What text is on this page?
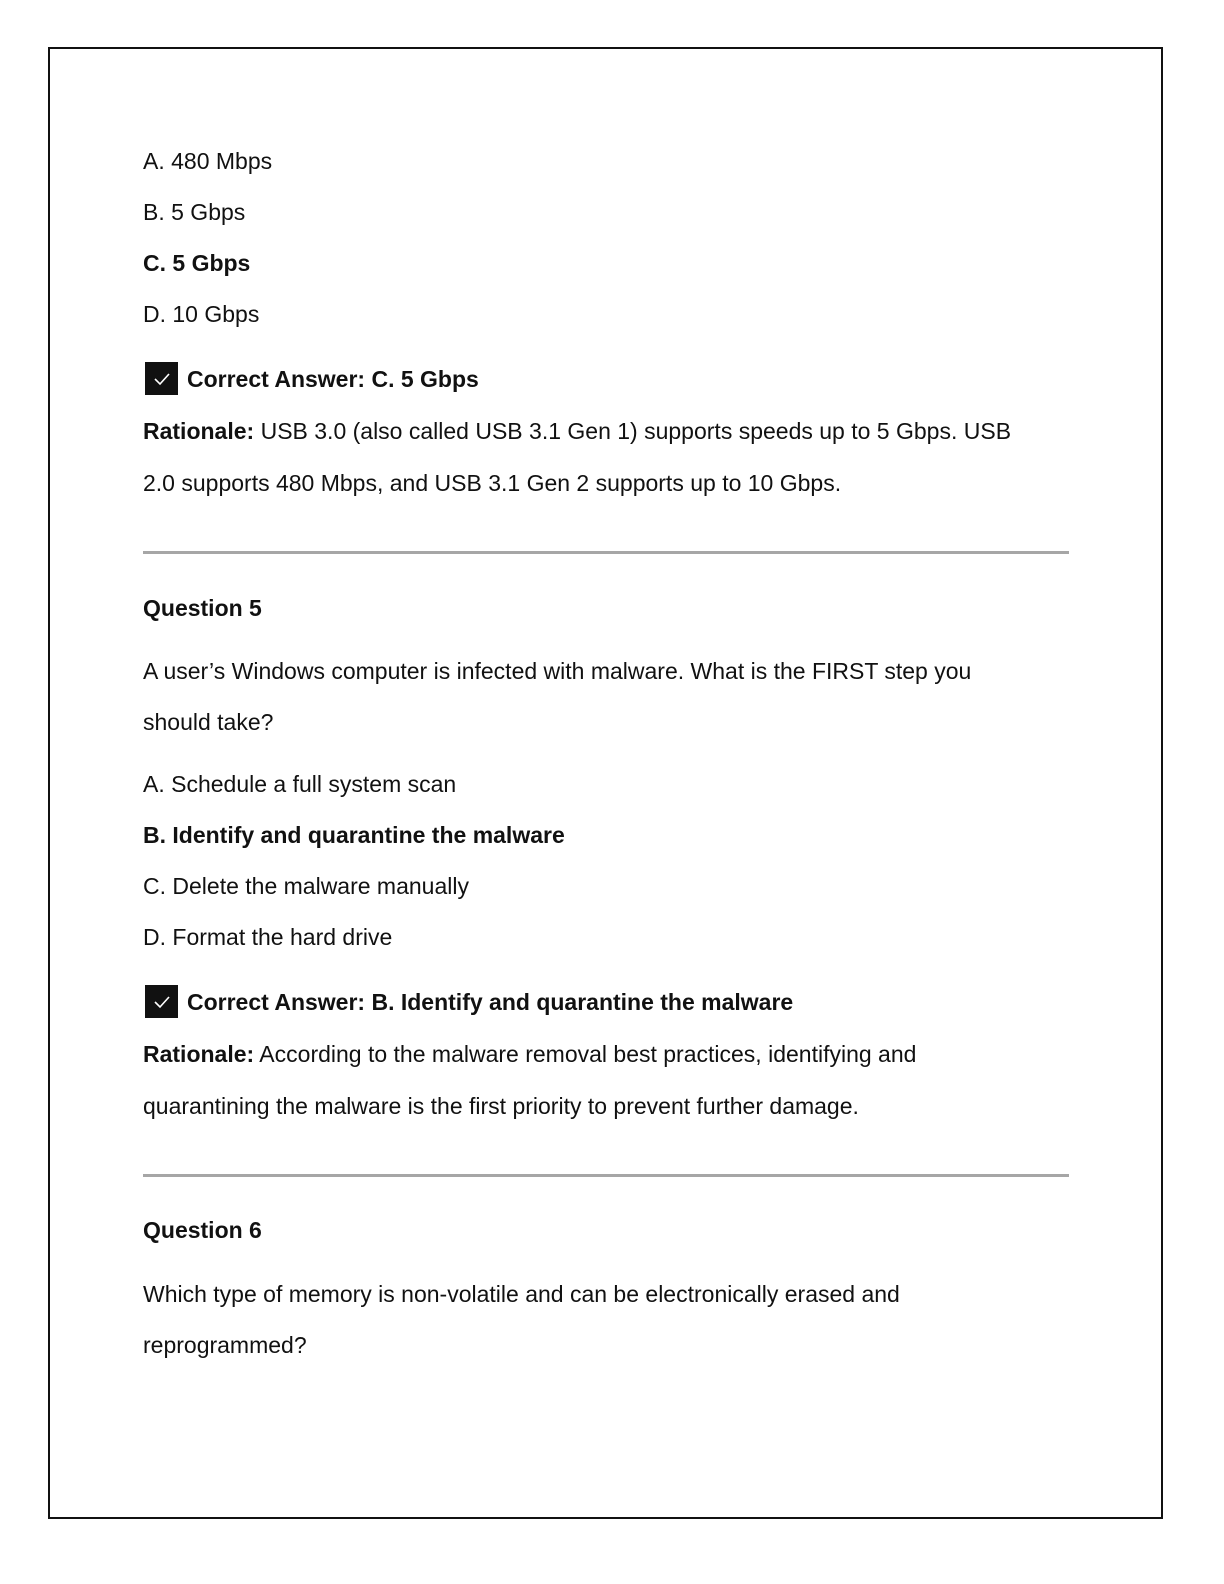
A. 480 Mbps
B. 5 Gbps
C. 5 Gbps
D. 10 Gbps
Correct Answer: C. 5 Gbps
Rationale: USB 3.0 (also called USB 3.1 Gen 1) supports speeds up to 5 Gbps. USB
2.0 supports 480 Mbps, and USB 3.1 Gen 2 supports up to 10 Gbps.
Question 5
A user’s Windows computer is infected with malware. What is the FIRST step you
should take?
A. Schedule a full system scan
B. Identify and quarantine the malware
C. Delete the malware manually
D. Format the hard drive
Correct Answer: B. Identify and quarantine the malware
Rationale: According to the malware removal best practices, identifying and
quarantining the malware is the first priority to prevent further damage.
Question 6
Which type of memory is non-volatile and can be electronically erased and
reprogrammed?
